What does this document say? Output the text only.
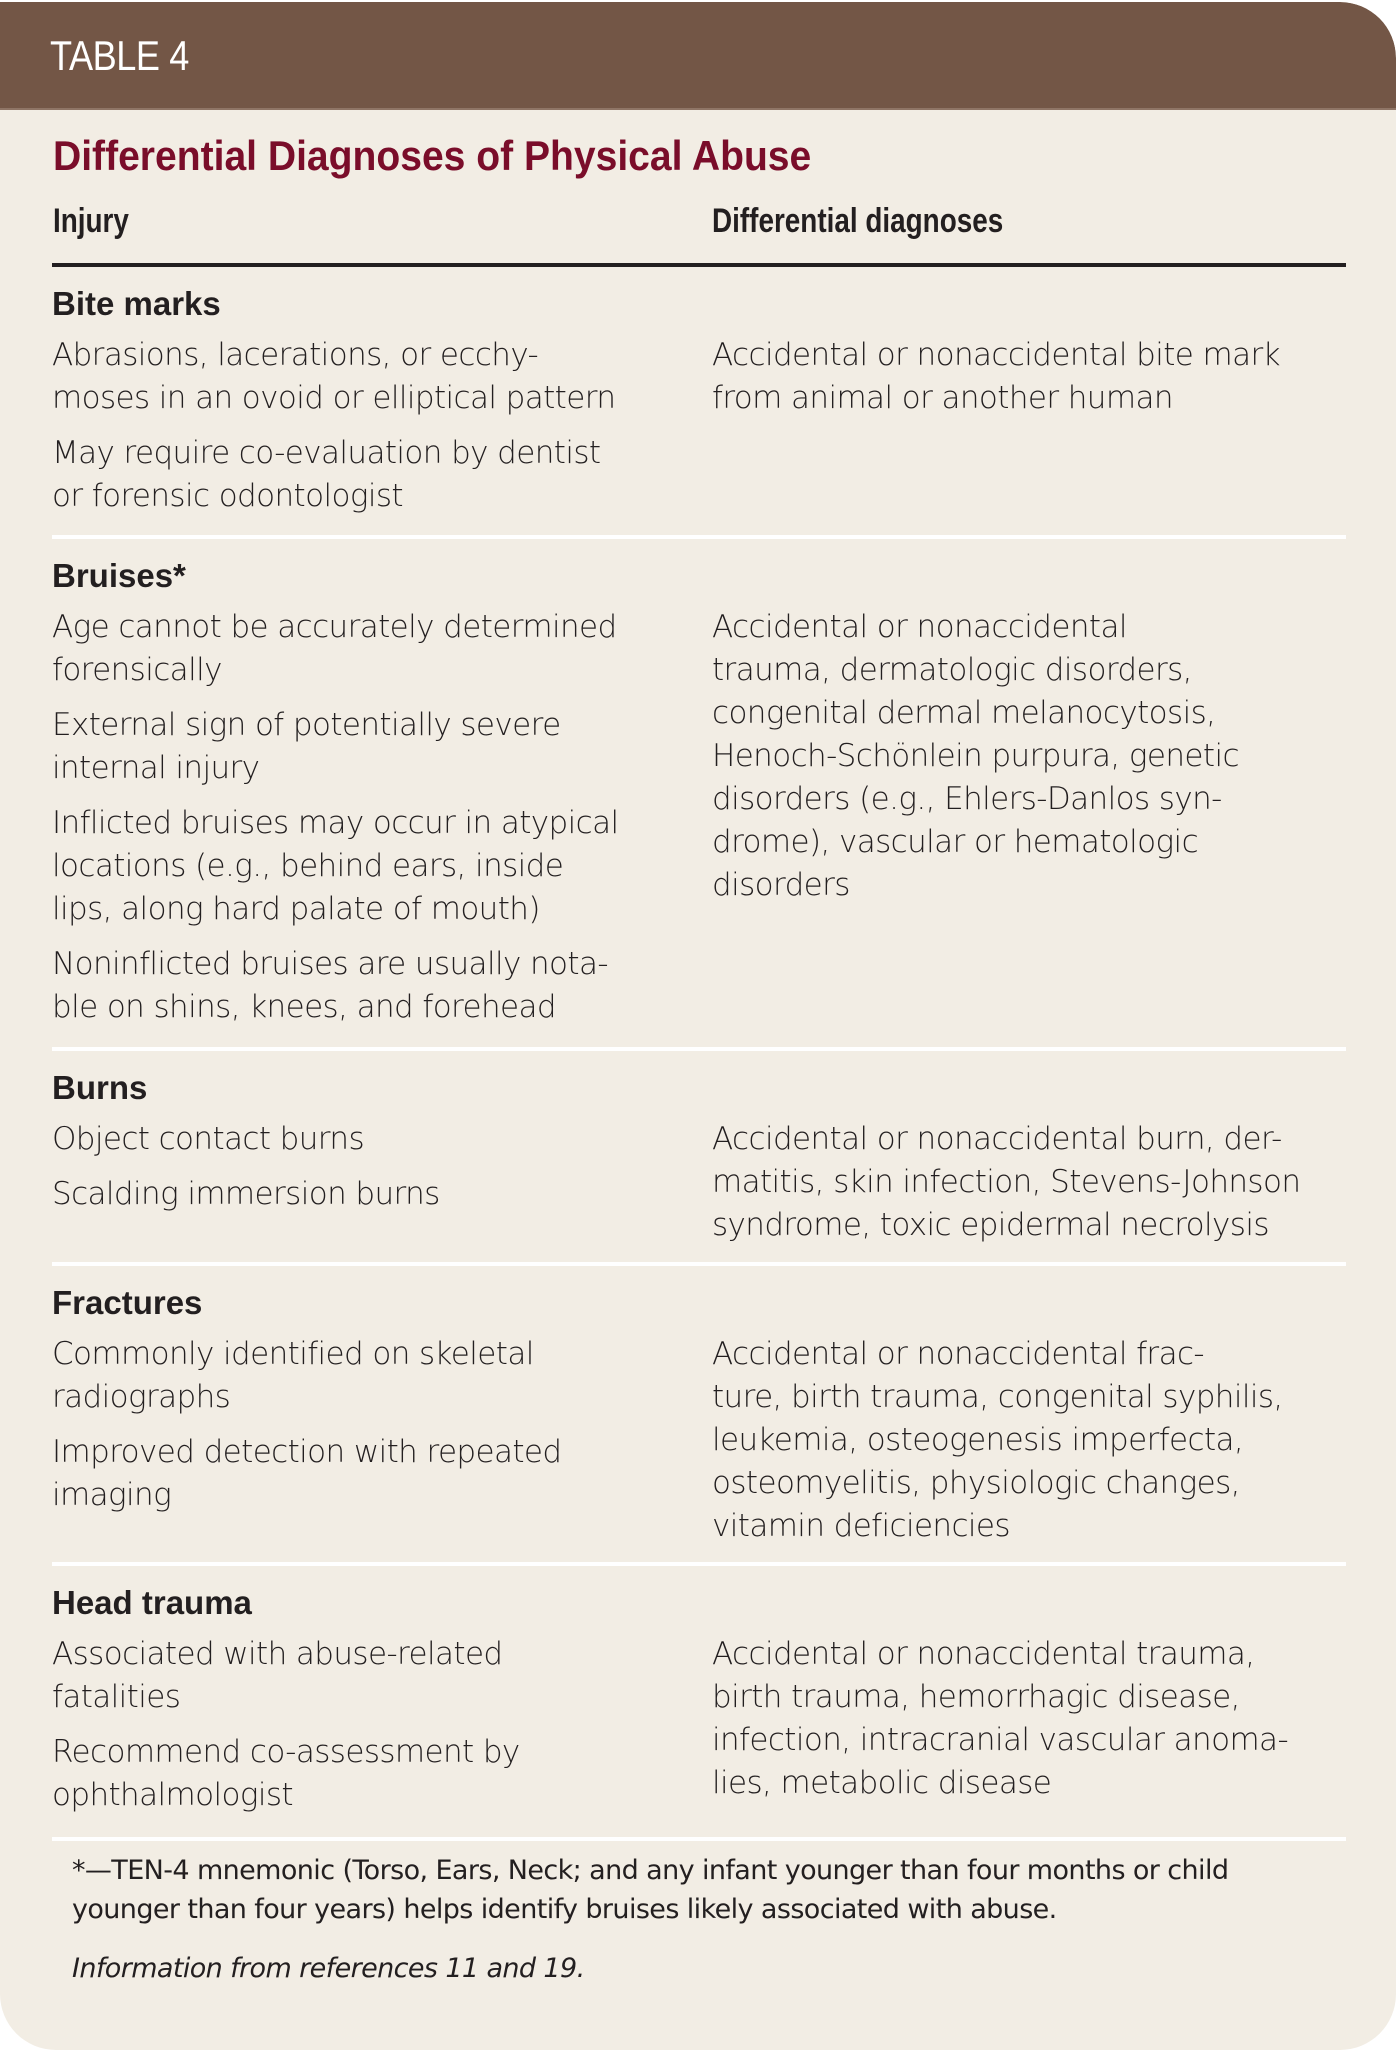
TABLE 4
Differential Diagnoses of Physical Abuse
Injury	Differential diagnoses
Bite marks

Abrasions, lacerations, or ecchy-
moses in an ovoid or elliptical pattern

May require co-evaluation by dentist
or forensic odontologist

Accidental or nonaccidental bite mark
from animal or another human

Bruises*

Age cannot be accurately determined
forensically

External sign of potentially severe
internal injury

Inflicted bruises may occur in atypical
locations (e.g., behind ears, inside
lips, along hard palate of mouth)

Noninflicted bruises are usually nota-
ble on shins, knees, and forehead

Accidental or nonaccidental
trauma, dermatologic disorders,
congenital dermal melanocytosis,
Henoch-Schönlein purpura, genetic
disorders (e.g., Ehlers-Danlos syn-
drome), vascular or hematologic
disorders

Burns

Object contact burns

Scalding immersion burns

Accidental or nonaccidental burn, der-
matitis, skin infection, Stevens-Johnson
syndrome, toxic epidermal necrolysis

Fractures

Commonly identified on skeletal
radiographs

Improved detection with repeated
imaging

Accidental or nonaccidental frac-
ture, birth trauma, congenital syphilis,
leukemia, osteogenesis imperfecta,
osteomyelitis, physiologic changes,
vitamin deficiencies

Head trauma

Associated with abuse-related
fatalities

Recommend co-assessment by
ophthalmologist

Accidental or nonaccidental trauma,
birth trauma, hemorrhagic disease,
infection, intracranial vascular anoma-
lies, metabolic disease

*—TEN-4 mnemonic (Torso, Ears, Neck; and any infant younger than four months or child
younger than four years) helps identify bruises likely associated with abuse.
Information from references 11 and 19.
